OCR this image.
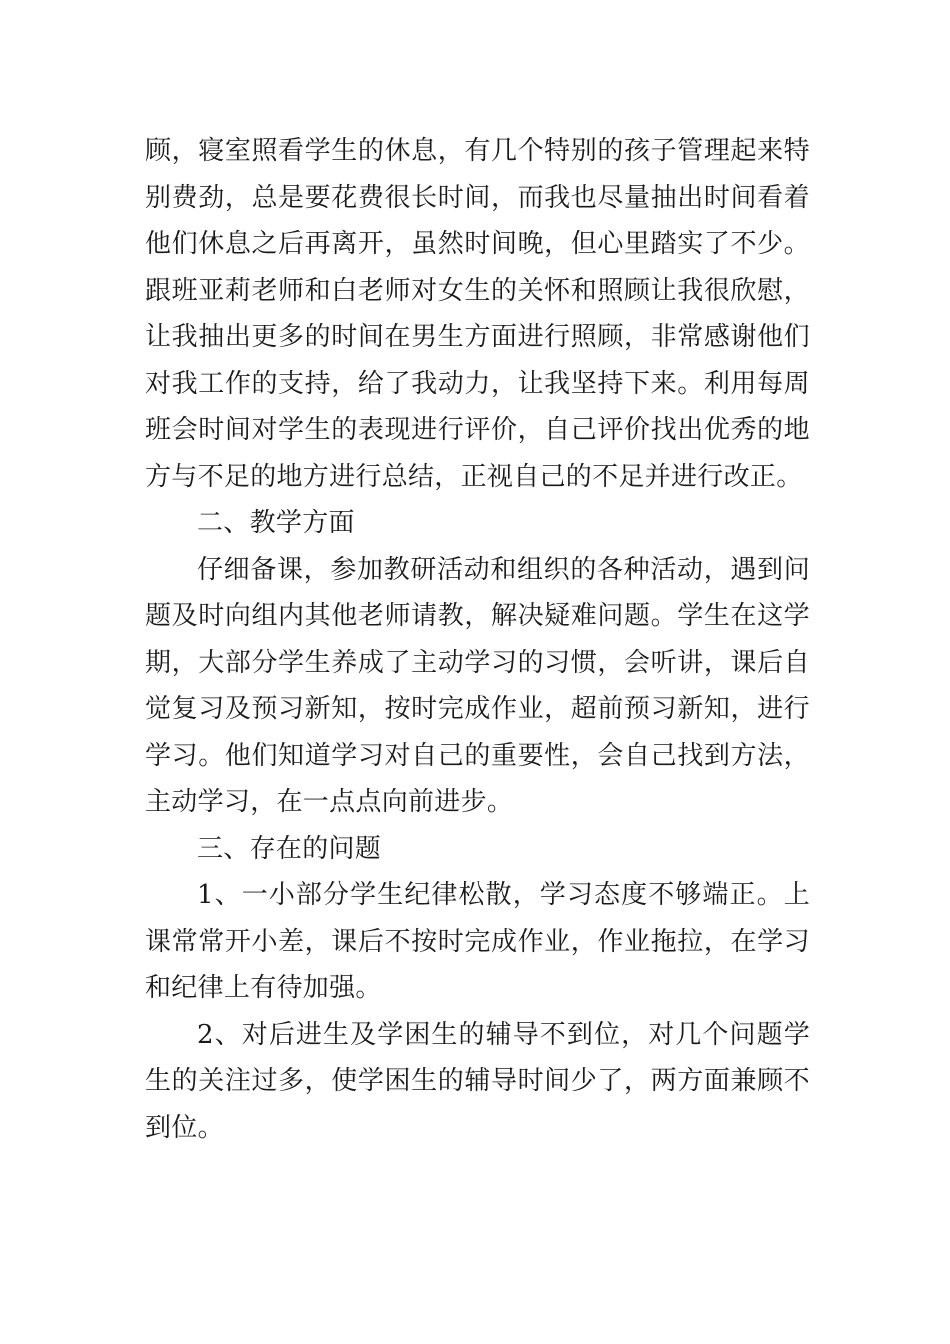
顾，寝室照看学生的休息，有几个特别的孩子管理起来特别费劲，总是要花费很长时间，而我也尽量抽出时间看着他们休息之后再离开，虽然时间晚，但心里踏实了不少。跟班亚莉老师和白老师对女生的关怀和照顾让我很欣慰，让我抽出更多的时间在男生方面进行照顾，非常感谢他们对我工作的支持，给了我动力，让我坚持下来。利用每周班会时间对学生的表现进行评价，自己评价找出优秀的地方与不足的地方进行总结，正视自己的不足并进行改正。

二、教学方面

仔细备课，参加教研活动和组织的各种活动，遇到问题及时向组内其他老师请教，解决疑难问题。学生在这学期，大部分学生养成了主动学习的习惯，会听讲，课后自觉复习及预习新知，按时完成作业，超前预习新知，进行学习。他们知道学习对自己的重要性，会自己找到方法，主动学习，在一点点向前进步。

三、存在的问题

1、一小部分学生纪律松散，学习态度不够端正。上课常常开小差，课后不按时完成作业，作业拖拉，在学习和纪律上有待加强。

2、对后进生及学困生的辅导不到位，对几个问题学生的关注过多，使学困生的辅导时间少了，两方面兼顾不到位。
